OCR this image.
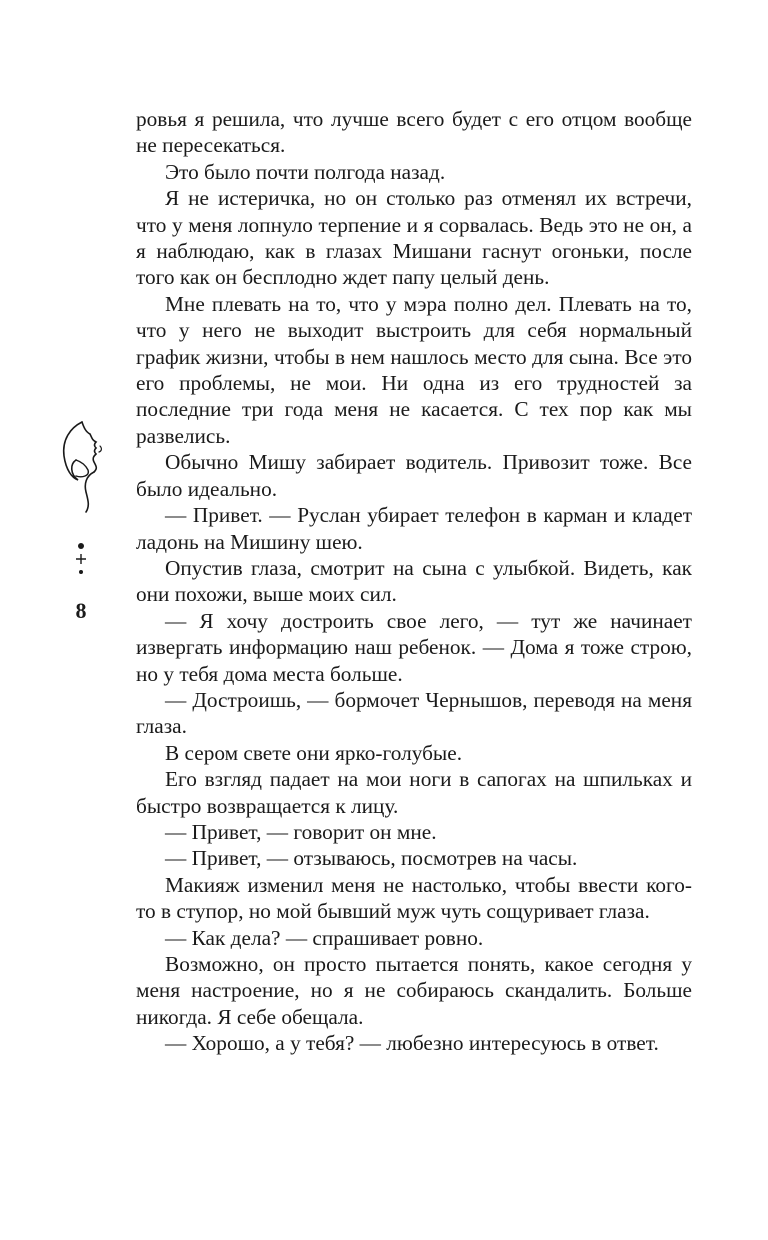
8

ровья я решила, что лучше всего будет с его отцом вообще не пересекаться.

Это было почти полгода назад.

Я не истеричка, но он столько раз отменял их встречи, что у меня лопнуло терпение и я сорвалась. Ведь это не он, а я наблюдаю, как в глазах Мишани гаснут огоньки, после того как он бесплодно ждет папу целый день.

Мне плевать на то, что у мэра полно дел. Плевать на то, что у него не выходит выстроить для себя нормальный график жизни, чтобы в нем нашлось место для сына. Все это его проблемы, не мои. Ни одна из его трудностей за последние три года меня не касается. С тех пор как мы развелись.

Обычно Мишу забирает водитель. Привозит тоже. Все было идеально.

— Привет. — Руслан убирает телефон в карман и кладет ладонь на Мишину шею.

Опустив глаза, смотрит на сына с улыбкой. Видеть, как они похожи, выше моих сил.

— Я хочу достроить свое лего, — тут же начинает извергать информацию наш ребенок. — Дома я тоже строю, но у тебя дома места больше.

— Достроишь, — бормочет Чернышов, переводя на меня глаза.

В сером свете они ярко-голубые.

Его взгляд падает на мои ноги в сапогах на шпильках и быстро возвращается к лицу.

— Привет, — говорит он мне.

— Привет, — отзываюсь, посмотрев на часы.

Макияж изменил меня не настолько, чтобы ввести кого-то в ступор, но мой бывший муж чуть сощуривает глаза.

— Как дела? — спрашивает ровно.

Возможно, он просто пытается понять, какое сегодня у меня настроение, но я не собираюсь скандалить. Больше никогда. Я себе обещала.

— Хорошо, а у тебя? — любезно интересуюсь в ответ.
